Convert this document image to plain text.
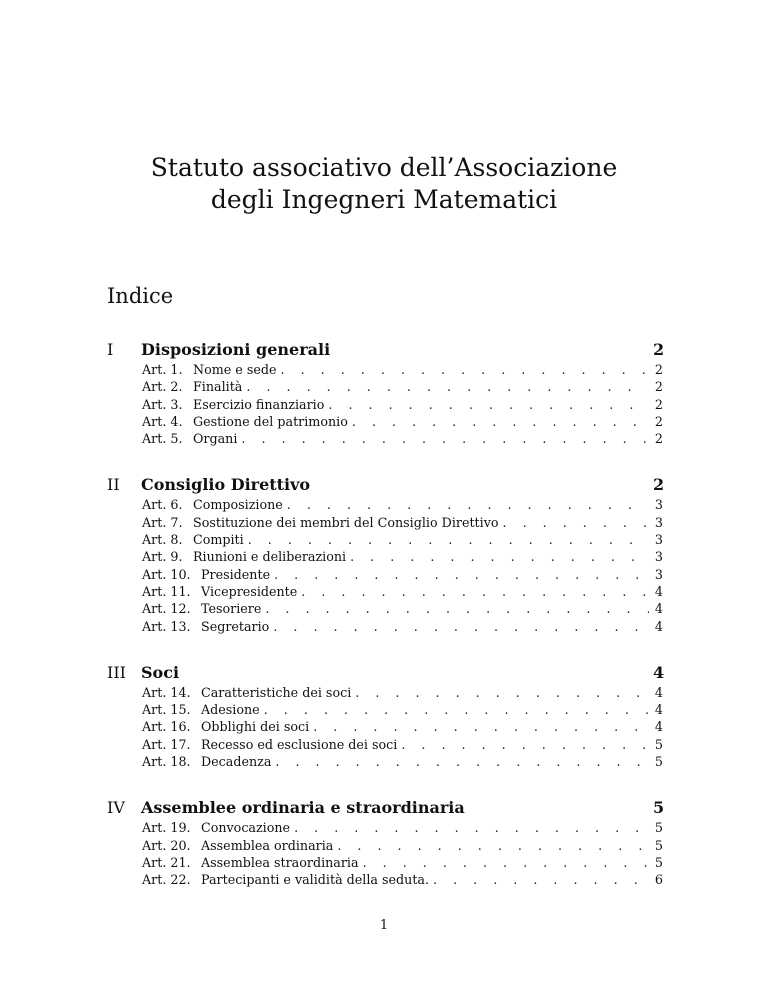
Statuto associativo dell’Associazione
degli Ingegneri Matematici
Indice
I	Disposizioni generali	2
Art. 1. Nome e sede . . .	2
Art. 2. Finalità . . .	2
Art. 3. Esercizio finanziario . . .	2
Art. 4. Gestione del patrimonio . . .	2
Art. 5. Organi . . .	2
II	Consiglio Direttivo	2
Art. 6. Composizione . . .	3
Art. 7. Sostituzione dei membri del Consiglio Direttivo . . .	3
Art. 8. Compiti . . .	3
Art. 9. Riunioni e deliberazioni . . .	3
Art. 10. Presidente . . .	3
Art. 11. Vicepresidente . . .	4
Art. 12. Tesoriere . . .	4
Art. 13. Segretario . . .	4
III Soci	4
Art. 14. Caratteristiche dei soci . . .	4
Art. 15. Adesione . . .	4
Art. 16. Obblighi dei soci . . .	4
Art. 17. Recesso ed esclusione dei soci . . .	5
Art. 18. Decadenza . . .	5
IV	Assemblee ordinaria e straordinaria	5
Art. 19. Convocazione . . .	5
Art. 20. Assemblea ordinaria . . .	5
Art. 21. Assemblea straordinaria . . .	5
Art. 22. Partecipanti e validità della seduta. . . .	6
1
